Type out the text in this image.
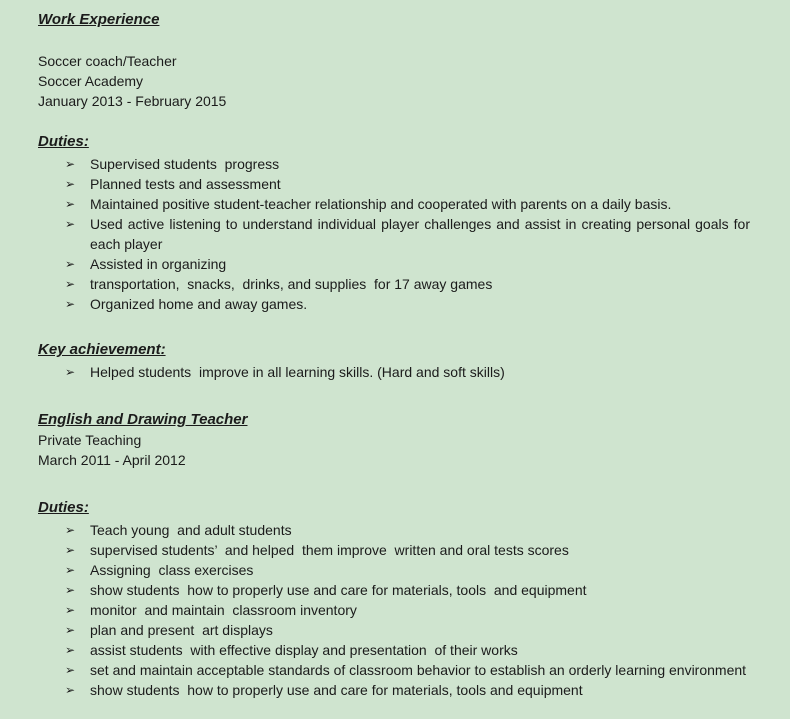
Work Experience
Soccer coach/Teacher
Soccer Academy
January 2013 - February 2015
Duties:
➢	Supervised students  progress
➢	Planned tests and assessment
➢	Maintained positive student-teacher relationship and cooperated with parents on a daily basis.
➢	Used active listening to understand individual player challenges and assist in creating personal goals for each player
➢	Assisted in organizing
➢	transportation,  snacks,  drinks, and supplies  for 17 away games
➢	Organized home and away games.
Key achievement:
➢	Helped students  improve in all learning skills. (Hard and soft skills)
English and Drawing Teacher
Private Teaching
March 2011 - April 2012
Duties:
➢	Teach young  and adult students
➢	supervised students’  and helped  them improve  written and oral tests scores
➢	Assigning  class exercises
➢	show students  how to properly use and care for materials, tools  and equipment
➢	monitor  and maintain  classroom inventory
➢	plan and present  art displays
➢	assist students  with effective display and presentation  of their works
➢	set and maintain acceptable standards of classroom behavior to establish an orderly learning environment
➢	show students  how to properly use and care for materials, tools and equipment
